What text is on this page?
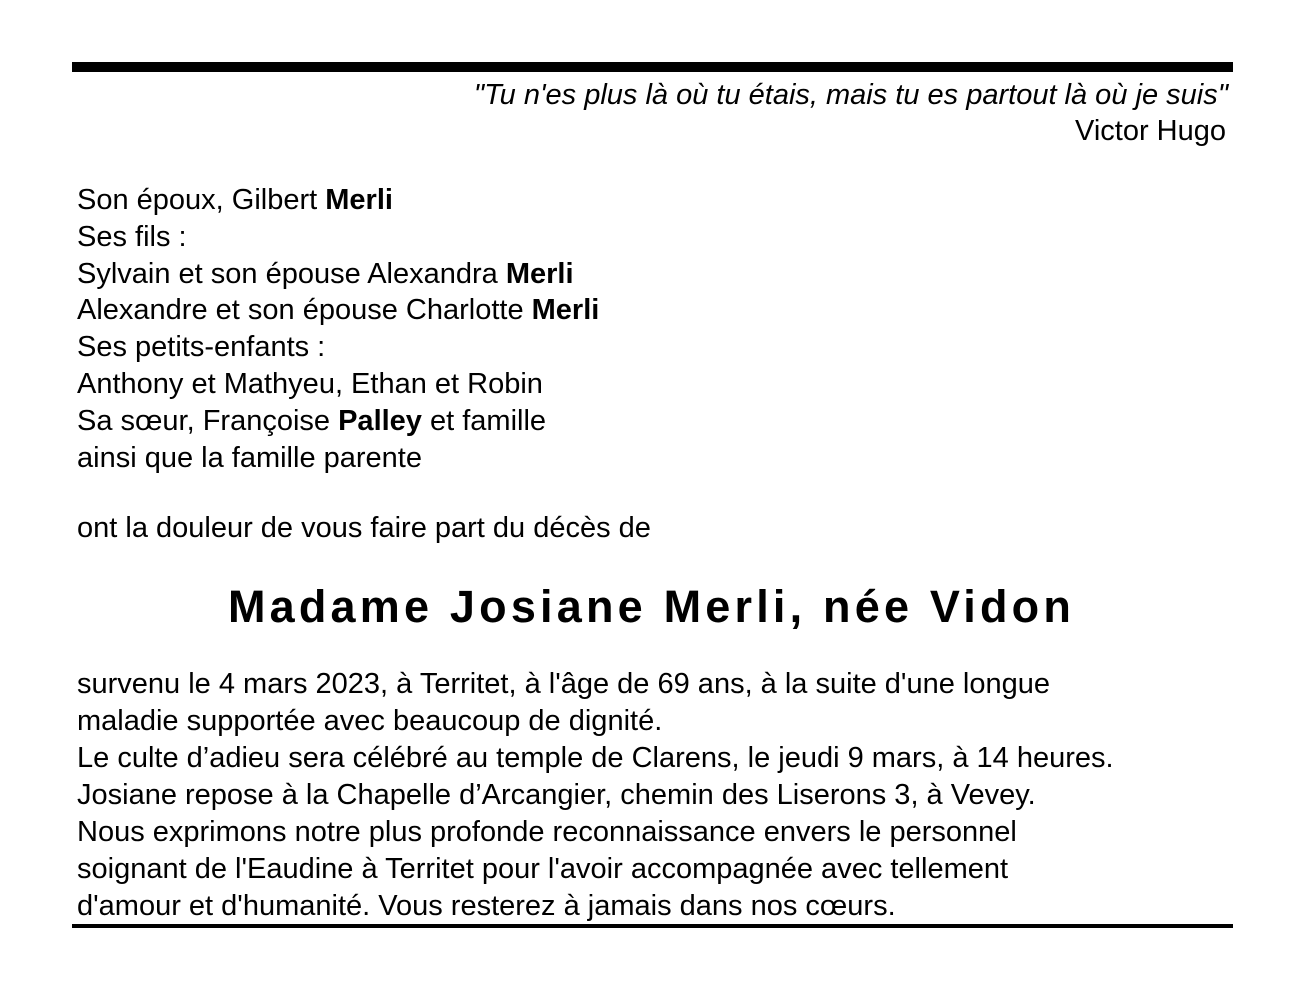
"Tu n'es plus là où tu étais, mais tu es partout là où je suis"
Victor Hugo
Son époux, Gilbert Merli
Ses fils :
Sylvain et son épouse Alexandra Merli
Alexandre et son épouse Charlotte Merli
Ses petits-enfants :
Anthony et Mathyeu, Ethan et Robin
Sa sœur, Françoise Palley et famille
ainsi que la famille parente
ont la douleur de vous faire part du décès de
Madame Josiane Merli, née Vidon
survenu le 4 mars 2023, à Territet, à l'âge de 69 ans, à la suite d'une longue
maladie supportée avec beaucoup de dignité.
Le culte d’adieu sera célébré au temple de Clarens, le jeudi 9 mars, à 14 heures.
Josiane repose à la Chapelle d’Arcangier, chemin des Liserons 3, à Vevey.
Nous exprimons notre plus profonde reconnaissance envers le personnel
soignant de l'Eaudine à Territet pour l'avoir accompagnée avec tellement
d'amour et d'humanité. Vous resterez à jamais dans nos cœurs.
